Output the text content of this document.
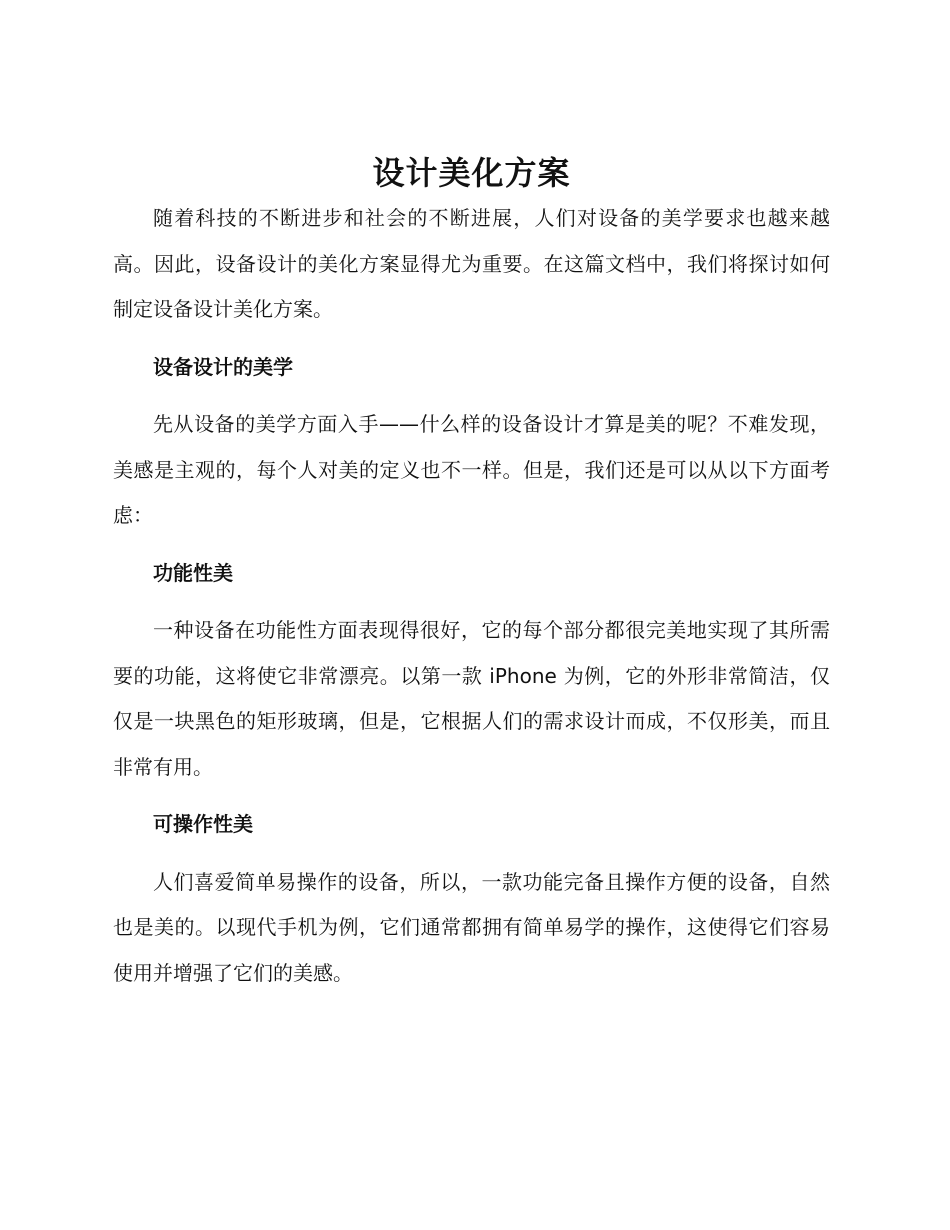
设计美化方案

随着科技的不断进步和社会的不断进展，人们对设备的美学要求也越来越高。因此，设备设计的美化方案显得尤为重要。在这篇文档中，我们将探讨如何制定设备设计美化方案。

设备设计的美学

先从设备的美学方面入手——什么样的设备设计才算是美的呢？不难发现，美感是主观的，每个人对美的定义也不一样。但是，我们还是可以从以下方面考虑：

功能性美

一种设备在功能性方面表现得很好，它的每个部分都很完美地实现了其所需要的功能，这将使它非常漂亮。以第一款 iPhone 为例，它的外形非常简洁，仅仅是一块黑色的矩形玻璃，但是，它根据人们的需求设计而成，不仅形美，而且非常有用。

可操作性美

人们喜爱简单易操作的设备，所以，一款功能完备且操作方便的设备，自然也是美的。以现代手机为例，它们通常都拥有简单易学的操作，这使得它们容易使用并增强了它们的美感。
